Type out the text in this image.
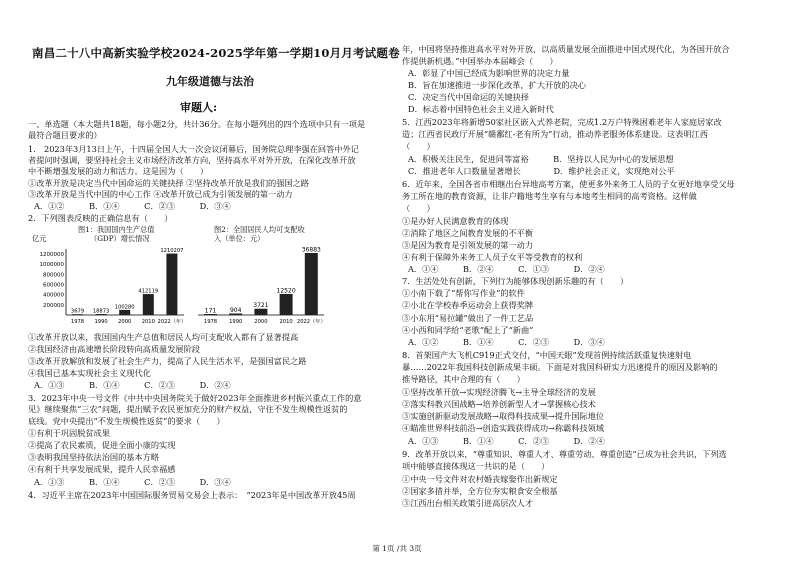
南昌二十八中高新实验学校2024-2025学年第一学期10月月考试题卷
九年级道德与法治
审题人:
一、单选题（本大题共18题，每小题2分，共计36分。在每小题列出的四个选项中只有一项是
最符合题目要求的）
1.　2023年3月13日上午，十四届全国人大一次会议闭幕后，国务院总理李强在回答中外记
者提问时强调，要坚持社会主义市场经济改革方向，坚持高水平对外开放，在深化改革开放
中不断增强发展的动力和活力。这是因为（　　）
①改革开放是决定当代中国命运的关键抉择 ②坚持改革开放是我们的强国之路
③改革开放是当代中国的中心工作 ④改革开放已成为引领发展的第一动力
A．①②　　　B．①④　　　C．②③　　　D．③④
2．下列图表反映的正确信息有（　　）
图1：我国国内生产总值
亿元	（GDP）增长情况
200000
400000
600000
800000
1000000
1200000
3679
1978
18873
1990
100280
2000
412119
2010
1210207
2022（年）
图2：全国居民人均可支配收
入（单位：元）
171
1978
904
1990
3721
2000
12520
2010
36883
2022（年）
①改革开放以来，我国国内生产总值和居民人均可支配收入都有了显著提高
②我国经济由高速增长阶段转向高质量发展阶段
③改革开放解放和发展了社会生产力，提高了人民生活水平，是强国富民之路
④我国已基本实现社会主义现代化
A．①③　　　B．①④　　　C．②③　　　D．②④
3．2023年中央一号文件《中共中央国务院关于做好2023年全面推进乡村振兴重点工作的意
见》继续聚焦“三农”问题，提出赋予农民更加充分的财产权益，守住不发生规模性返贫的
底线。党中央提出“不发生规模性返贫”的要求（　　）
①有利于巩固脱贫成果
②提高了农民素质，促进全面小康的实现
③表明我国坚持依法治国的基本方略
④有利于共享发展成果，提升人民幸福感
A．①③　　　B．①④　　　C．②③　　　D．③④
4．习近平主席在2023年中国国际服务贸易交易会上表示：　“2023年是中国改革开放45周
年，中国将坚持推进高水平对外开放，以高质量发展全面推进中国式现代化，为各国开放合
作提供新机遇。”中国举办本届峰会（　　）
A．彰显了中国已经成为影响世界的决定力量
B．旨在加速推进一步深化改革，扩大开放的决心
C．决定当代中国命运的关键抉择
D．标志着中国特色社会主义进入新时代
5．江西2023年将新增50家社区嵌入式养老院，完成1.2万户特殊困难老年人家庭居家改
造；江西省民政厅开展“赣鄱红-老有所为”行动，推动养老服务体系建设。这表明江西
（　　）
A．积极关注民生，促进同等富裕　　　B．坚持以人民为中心的发展思想
C．推进老年人口数量显著增长　　　　D．维护社会正义，实现绝对公平
6．近年来，全国各省市相继出台异地高考方案，使更多外来务工人员的子女更好地享受父母
务工所在地的教育资源，让非户籍地考生享有与本地考生相同的高考资格。这样做
（　　）
①是办好人民满意教育的体现
②消除了地区之间教育发展的不平衡
③是因为教育是引领发展的第一动力
④有利于保障外来务工人员子女平等受教育的权利
A．①④　　　B．②④　　　C．①③　　　D．②④
7．生活处处有创新，下列行为能够体现创新乐趣的有（　　）
①小南下载了“帮你写作业”的软件
②小北在学校春季运动会上获得奖牌
③小东用“易拉罐”做出了一件工艺品
④小西和同学给“老歌”配上了“新曲”
A．①②　　　B．①④　　　C．②③　　　D．③④
8．首架国产大飞机C919正式交付，“中国天眼”发现首例持续活跃重复快速射电
暴……2022年我国科技创新成果丰硕。下面是对我国科研实力迅速提升的原因及影响的
推导路径，其中合理的有（　　）
①坚持改革开放→实现经济腾飞→主导全球经济的发展
②落实科教兴国战略→培养创新型人才→掌握核心技术
③实施创新驱动发展战略→取得科技成果→提升国际地位
④瞄准世界科技前沿→创造实践获得成功→称霸科技领域
A．①③　　　B．①④　　　C．②③　　　D．②④
9．改革开放以来，“尊重知识、尊重人才、尊重劳动、尊重创造”已成为社会共识，下列选
项中能够直接体现这一共识的是（　　）
①中央一号文件对农村婚丧嫁娶作出新规定
②国家多措并举，全方位夯实粮食安全根基
③江西出台相关政策引进高层次人才
第 1页 /共 3页
